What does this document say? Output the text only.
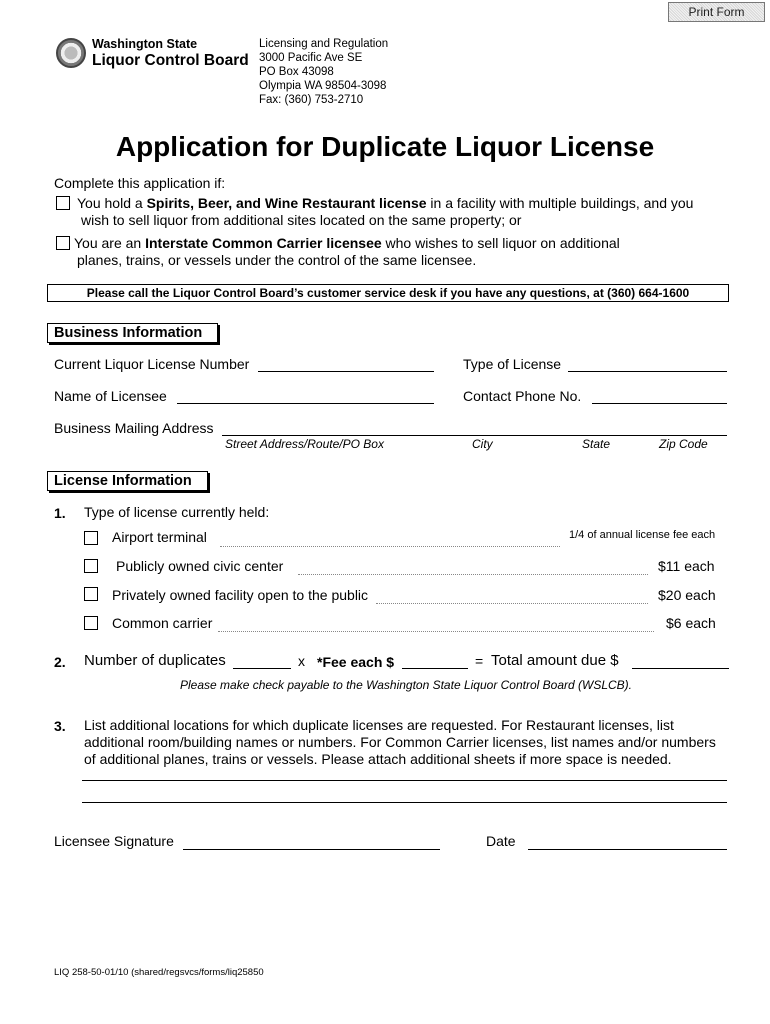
Print Form
Washington State
Liquor Control Board
Licensing and Regulation
3000 Pacific Ave SE
PO Box 43098
Olympia WA 98504-3098
Fax: (360) 753-2710
Application for Duplicate Liquor License
Complete this application if:
You hold a Spirits, Beer, and Wine Restaurant license in a facility with multiple buildings, and you
wish to sell liquor from additional sites located on the same property; or
You are an Interstate Common Carrier licensee who wishes to sell liquor on additional
planes, trains, or vessels under the control of the same licensee.
Please call the Liquor Control Board’s customer service desk if you have any questions, at (360) 664-1600
Business Information
Current Liquor License Number	Type of License
Name of Licensee	Contact Phone No.
Business Mailing Address
Street Address/Route/PO Box	City	State	Zip Code
License Information
1. Type of license currently held:
Airport terminal	1/4 of annual license fee each
Publicly owned civic center	$11 each
Privately owned facility open to the public	$20 each
Common carrier	$6 each
2. Number of duplicates	x *Fee each $	= Total amount due $
Please make check payable to the Washington State Liquor Control Board (WSLCB).
3. List additional locations for which duplicate licenses are requested. For Restaurant licenses, list
additional room/building names or numbers. For Common Carrier licenses, list names and/or numbers
of additional planes, trains or vessels. Please attach additional sheets if more space is needed.
Licensee Signature	Date
LIQ 258-50-01/10 (shared/regsvcs/forms/liq25850
